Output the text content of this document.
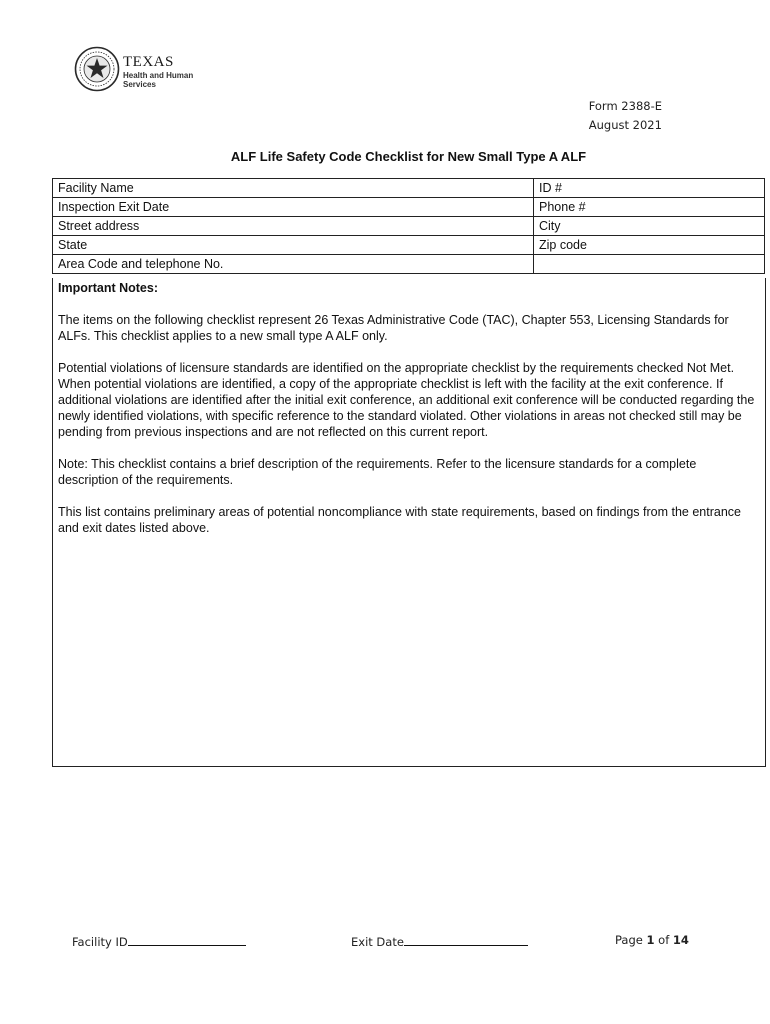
TEXAS
Health and Human Services
Form 2388-E
August 2021
ALF Life Safety Code Checklist for New Small Type A ALF
Facility Name	ID #
Inspection Exit Date	Phone #
Street address	City
State	Zip code
Area Code and telephone No.	
Important Notes:

The items on the following checklist represent 26 Texas Administrative Code (TAC), Chapter 553, Licensing Standards for ALFs. This checklist applies to a new small type A ALF only.

Potential violations of licensure standards are identified on the appropriate checklist by the requirements checked Not Met. When potential violations are identified, a copy of the appropriate checklist is left with the facility at the exit conference. If additional violations are identified after the initial exit conference, an additional exit conference will be conducted regarding the newly identified violations, with specific reference to the standard violated. Other violations in areas not checked still may be pending from previous inspections and are not reflected on this current report.

Note: This checklist contains a brief description of the requirements. Refer to the licensure standards for a complete description of the requirements.

This list contains preliminary areas of potential noncompliance with state requirements, based on findings from the entrance and exit dates listed above.

Facility ID	Exit Date	Page 1 of 14
